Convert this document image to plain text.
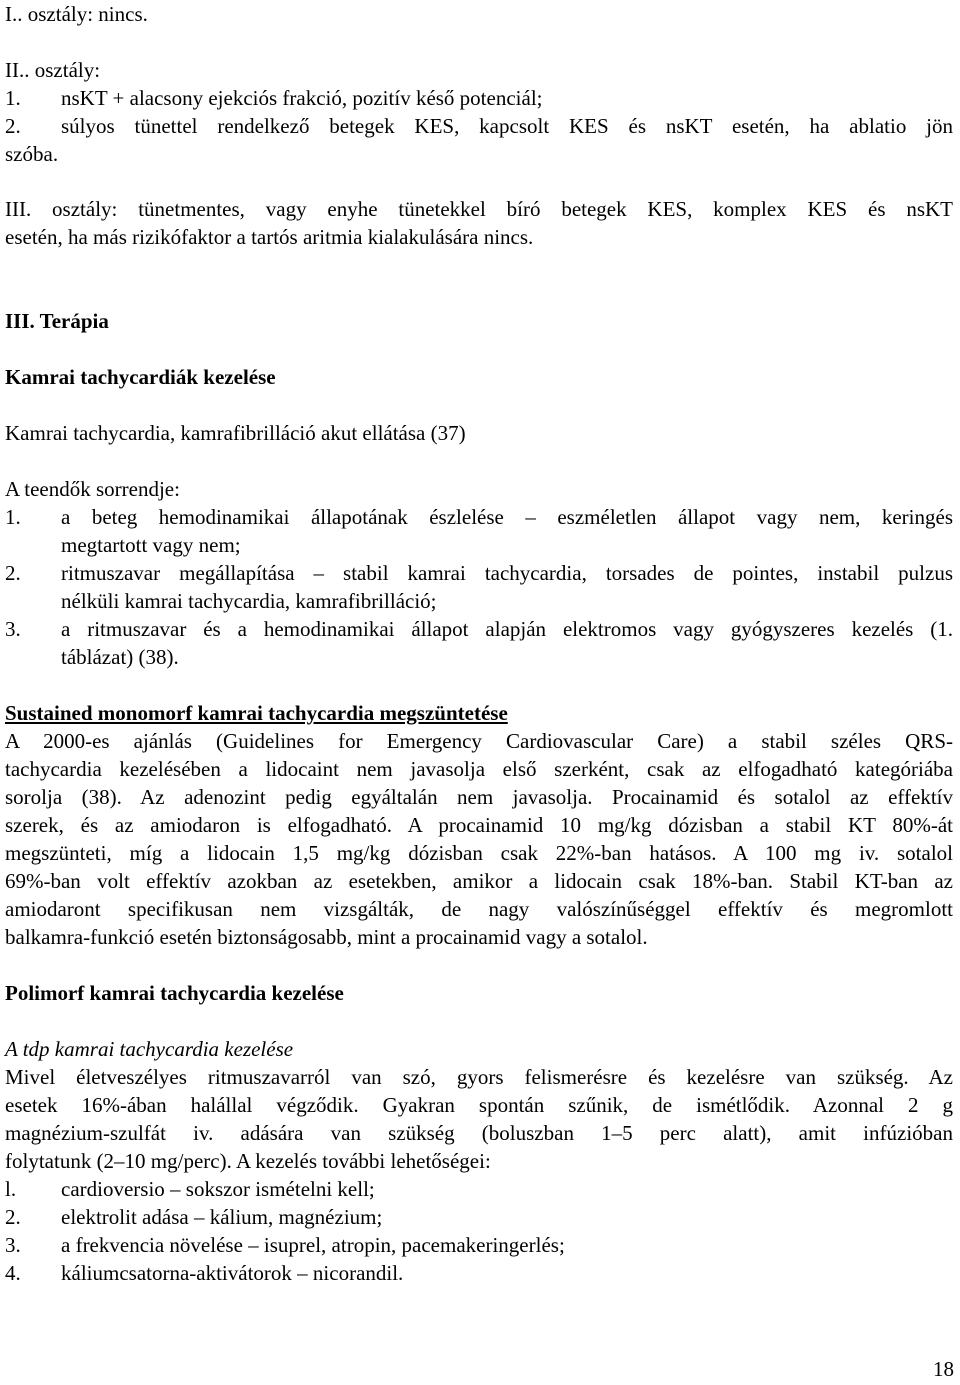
I.. osztály: nincs.
II.. osztály:
1.	nsKT + alacsony ejekciós frakció, pozitív késő potenciál;
2.	súlyos tünettel rendelkező betegek KES, kapcsolt KES és nsKT esetén, ha ablatio jön
szóba.
III. osztály: tünetmentes, vagy enyhe tünetekkel bíró betegek KES, komplex KES és nsKT
esetén, ha más rizikófaktor a tartós aritmia kialakulására nincs.
III. Terápia
Kamrai tachycardiák kezelése
Kamrai tachycardia, kamrafibrilláció akut ellátása (37)
A teendők sorrendje:
1.	a beteg hemodinamikai állapotának észlelése – eszméletlen állapot vagy nem, keringés
megtartott vagy nem;
2.	ritmuszavar megállapítása – stabil kamrai tachycardia, torsades de pointes, instabil pulzus
nélküli kamrai tachycardia, kamrafibrilláció;
3.	a ritmuszavar és a hemodinamikai állapot alapján elektromos vagy gyógyszeres kezelés (1.
táblázat) (38).
Sustained monomorf kamrai tachycardia megszüntetése
A 2000-es ajánlás (Guidelines for Emergency Cardiovascular Care) a stabil széles QRS-
tachycardia kezelésében a lidocaint nem javasolja első szerként, csak az elfogadható kategóriába
sorolja (38). Az adenozint pedig egyáltalán nem javasolja. Procainamid és sotalol az effektív
szerek, és az amiodaron is elfogadható. A procainamid 10 mg/kg dózisban a stabil KT 80%-át
megszünteti, míg a lidocain 1,5 mg/kg dózisban csak 22%-ban hatásos. A 100 mg iv. sotalol
69%-ban volt effektív azokban az esetekben, amikor a lidocain csak 18%-ban. Stabil KT-ban az
amiodaront specifikusan nem vizsgálták, de nagy valószínűséggel effektív és megromlott
balkamra-funkció esetén biztonságosabb, mint a procainamid vagy a sotalol.
Polimorf kamrai tachycardia kezelése
A tdp kamrai tachycardia kezelése
Mivel életveszélyes ritmuszavarról van szó, gyors felismerésre és kezelésre van szükség. Az
esetek 16%-ában halállal végződik. Gyakran spontán szűnik, de ismétlődik. Azonnal 2 g
magnézium-szulfát iv. adására van szükség (boluszban 1–5 perc alatt), amit infúzióban
folytatunk (2–10 mg/perc). A kezelés további lehetőségei:
l.	cardioversio – sokszor ismételni kell;
2.	elektrolit adása – kálium, magnézium;
3.	a frekvencia növelése – isuprel, atropin, pacemakeringerlés;
4.	káliumcsatorna-aktivátorok – nicorandil.
18
